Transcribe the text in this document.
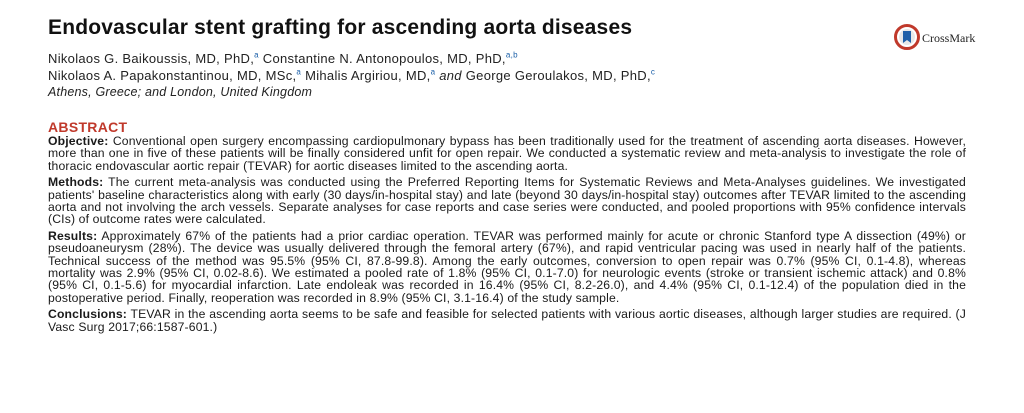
Endovascular stent grafting for ascending aorta diseases	CrossMark
Nikolaos G. Baikoussis, MD, PhD,$^a$ Constantine N. Antonopoulos, MD, PhD,$^{a,b}$
Nikolaos A. Papakonstantinou, MD, MSc,$^a$ Mihalis Argiriou, MD,$^a$ and George Geroulakos, MD, PhD,$^c$
Athens, Greece; and London, United Kingdom
ABSTRACT

Objective: Conventional open surgery encompassing cardiopulmonary bypass has been traditionally used for the treatment of ascending aorta diseases. However, more than one in five of these patients will be finally considered unfit for open repair. We conducted a systematic review and meta-analysis to investigate the role of thoracic endovascular aortic repair (TEVAR) for aortic diseases limited to the ascending aorta.

Methods: The current meta-analysis was conducted using the Preferred Reporting Items for Systematic Reviews and Meta-Analyses guidelines. We investigated patients' baseline characteristics along with early (30 days/in-hospital stay) and late (beyond 30 days/in-hospital stay) outcomes after TEVAR limited to the ascending aorta and not involving the arch vessels. Separate analyses for case reports and case series were conducted, and pooled proportions with 95% confidence intervals (CIs) of outcome rates were calculated.

Results: Approximately 67% of the patients had a prior cardiac operation. TEVAR was performed mainly for acute or chronic Stanford type A dissection (49%) or pseudoaneurysm (28%). The device was usually delivered through the femoral artery (67%), and rapid ventricular pacing was used in nearly half of the patients. Technical success of the method was 95.5% (95% CI, 87.8-99.8). Among the early outcomes, conversion to open repair was 0.7% (95% CI, 0.1-4.8), whereas mortality was 2.9% (95% CI, 0.02-8.6). We estimated a pooled rate of 1.8% (95% CI, 0.1-7.0) for neurologic events (stroke or transient ischemic attack) and 0.8% (95% CI, 0.1-5.6) for myocardial infarction. Late endoleak was recorded in 16.4% (95% CI, 8.2-26.0), and 4.4% (95% CI, 0.1-12.4) of the population died in the postoperative period. Finally, reoperation was recorded in 8.9% (95% CI, 3.1-16.4) of the study sample.

Conclusions: TEVAR in the ascending aorta seems to be safe and feasible for selected patients with various aortic diseases, although larger studies are required. (J Vasc Surg 2017;66:1587-601.)
